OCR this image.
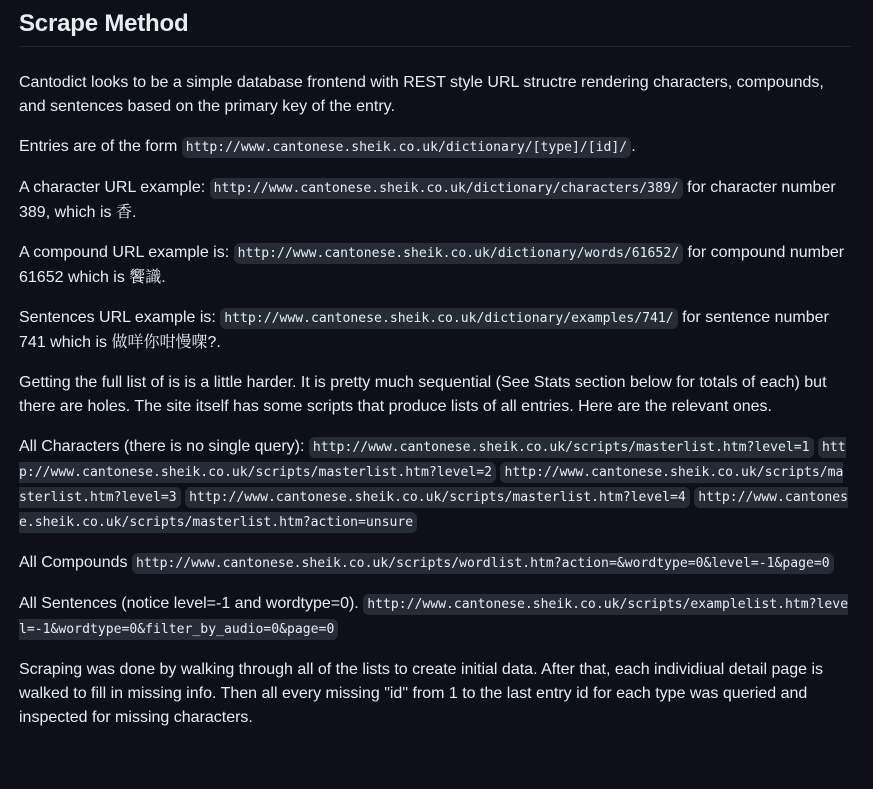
Scrape Method

Cantodict looks to be a simple database frontend with REST style URL structre rendering characters, compounds, and sentences based on the primary key of the entry.

Entries are of the form http://www.cantonese.sheik.co.uk/dictionary/[type]/[id]/ .

A character URL example: http://www.cantonese.sheik.co.uk/dictionary/characters/389/ for character number 389, which is 香.

A compound URL example is: http://www.cantonese.sheik.co.uk/dictionary/words/61652/ for compound number 61652 which is 饗識.

Sentences URL example is: http://www.cantonese.sheik.co.uk/dictionary/examples/741/ for sentence number 741 which is 做咩你咁慢㗎?.

Getting the full list of is is a little harder. It is pretty much sequential (See Stats section below for totals of each) but there are holes. The site itself has some scripts that produce lists of all entries. Here are the relevant ones.

All Characters (there is no single query): http://www.cantonese.sheik.co.uk/scripts/masterlist.htm?level=1 http://www.cantonese.sheik.co.uk/scripts/masterlist.htm?level=2 http://www.cantonese.sheik.co.uk/scripts/masterlist.htm?level=3 http://www.cantonese.sheik.co.uk/scripts/masterlist.htm?level=4 http://www.cantonese.sheik.co.uk/scripts/masterlist.htm?action=unsure

All Compounds http://www.cantonese.sheik.co.uk/scripts/wordlist.htm?action=&wordtype=0&level=-1&page=0

All Sentences (notice level=-1 and wordtype=0). http://www.cantonese.sheik.co.uk/scripts/examplelist.htm?level=-1&wordtype=0&filter_by_audio=0&page=0

Scraping was done by walking through all of the lists to create initial data. After that, each individiual detail page is walked to fill in missing info. Then all every missing "id" from 1 to the last entry id for each type was queried and inspected for missing characters.
